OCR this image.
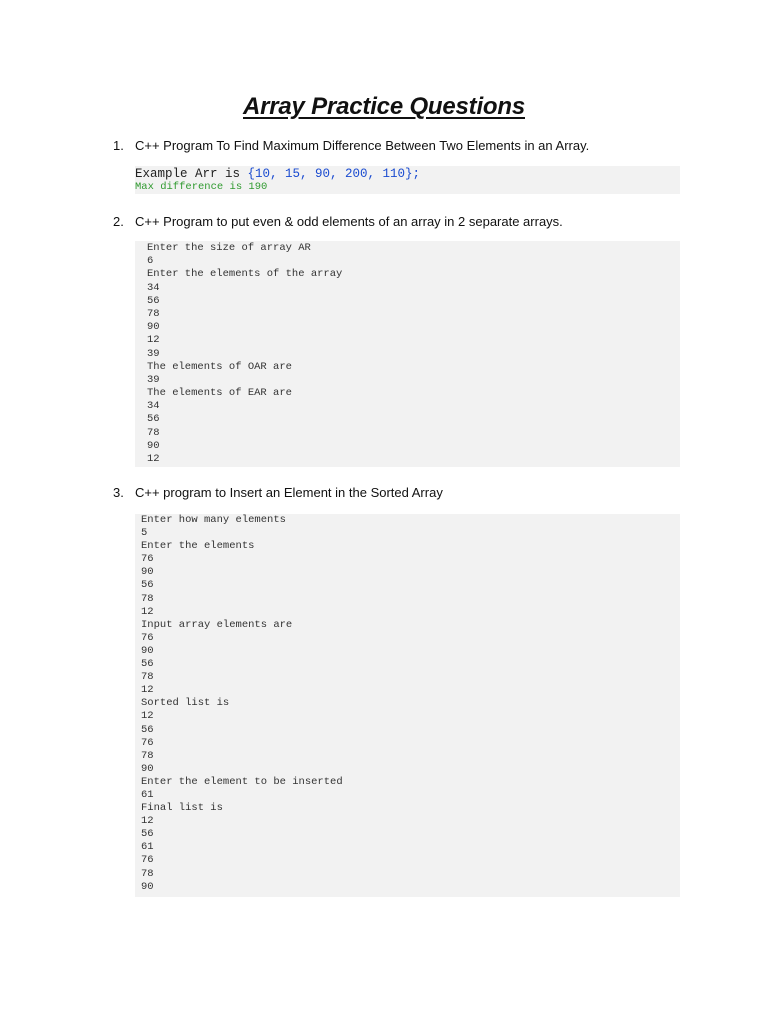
Array Practice Questions
1. C++ Program To Find Maximum Difference Between Two Elements in an Array.
Example Arr is {10, 15, 90, 200, 110};
Max difference is 190
2. C++ Program to put even & odd elements of an array in 2 separate arrays.
Enter the size of array AR
6
Enter the elements of the array
34
56
78
90
12
39
The elements of OAR are
39
The elements of EAR are
34
56
78
90
12
3. C++ program to Insert an Element in the Sorted Array
Enter how many elements
5
Enter the elements
76
90
56
78
12
Input array elements are
76
90
56
78
12
Sorted list is
12
56
76
78
90
Enter the element to be inserted
61
Final list is
12
56
61
76
78
90
